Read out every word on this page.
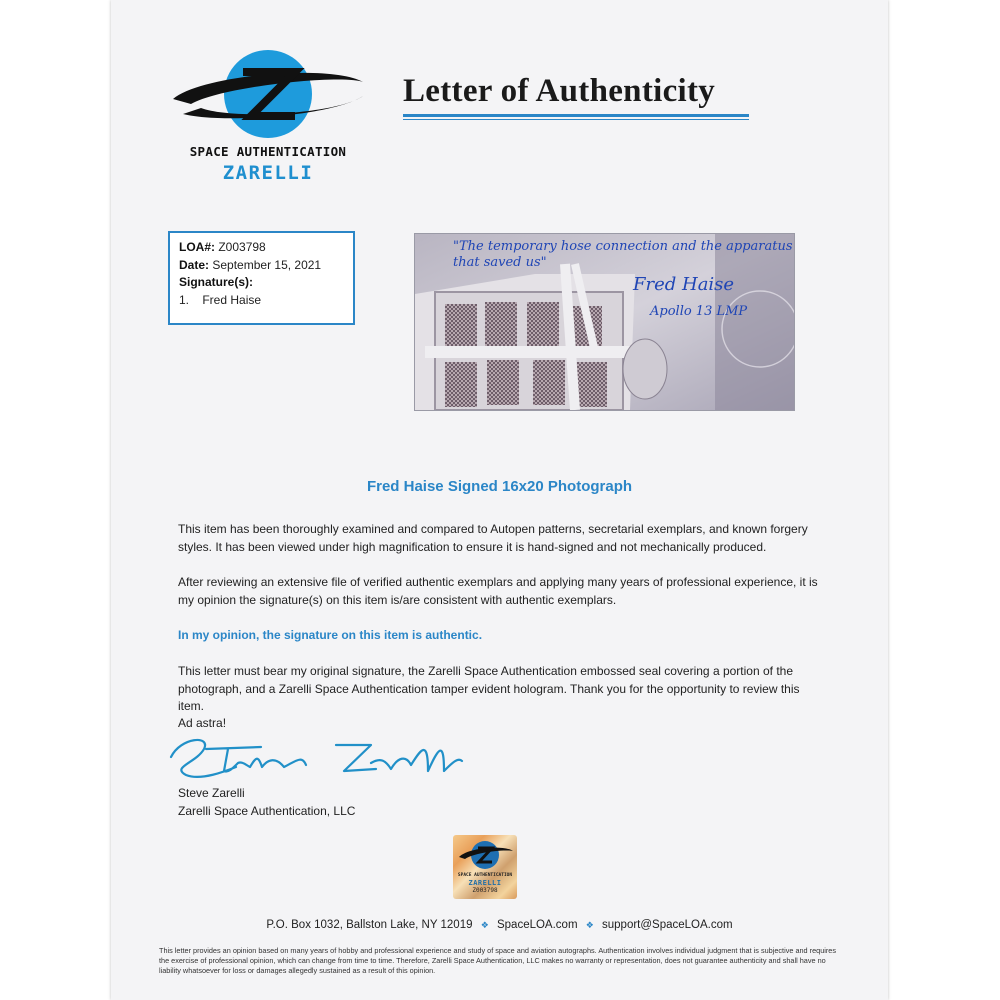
SPACE AUTHENTICATION
ZARELLI
Letter of Authenticity
LOA#: Z003798
Date: September 15, 2021
Signature(s):
1.    Fred Haise
"The temporary hose connection and the apparatus that saved us"
Fred Haise
Apollo 13 LMP
Fred Haise Signed 16x20 Photograph
This item has been thoroughly examined and compared to Autopen patterns, secretarial exemplars, and known forgery styles. It has been viewed under high magnification to ensure it is hand-signed and not mechanically produced.
After reviewing an extensive file of verified authentic exemplars and applying many years of professional experience, it is my opinion the signature(s) on this item is/are consistent with authentic exemplars.
In my opinion, the signature on this item is authentic.
This letter must bear my original signature, the Zarelli Space Authentication embossed seal covering a portion of the photograph, and a Zarelli Space Authentication tamper evident hologram. Thank you for the opportunity to review this item.
Ad astra!
Steve Zarelli
Zarelli Space Authentication, LLC
SPACE AUTHENTICATION
ZARELLI
Z003798
P.O. Box 1032, Ballston Lake, NY 12019 ❖ SpaceLOA.com ❖ support@SpaceLOA.com
This letter provides an opinion based on many years of hobby and professional experience and study of space and aviation autographs. Authentication involves individual judgment that is subjective and requires the exercise of professional opinion, which can change from time to time. Therefore, Zarelli Space Authentication, LLC makes no warranty or representation, does not guarantee authenticity and shall have no liability whatsoever for loss or damages allegedly sustained as a result of this opinion.
